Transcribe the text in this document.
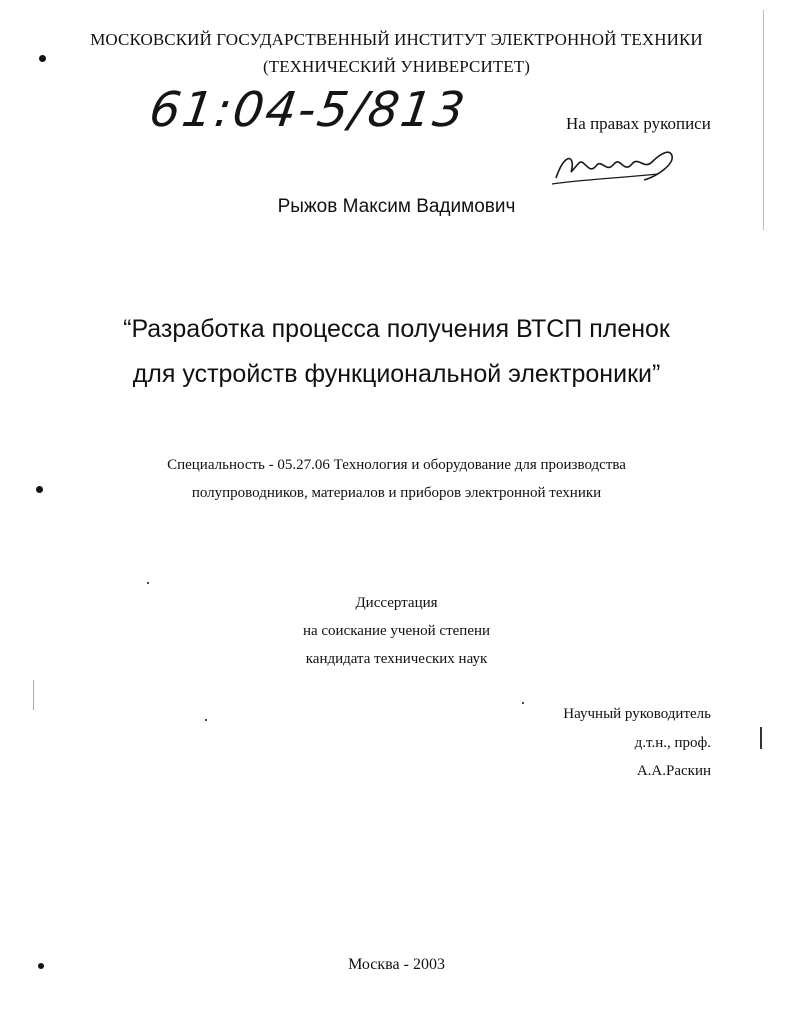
МОСКОВСКИЙ ГОСУДАРСТВЕННЫЙ ИНСТИТУТ ЭЛЕКТРОННОЙ ТЕХНИКИ
(ТЕХНИЧЕСКИЙ УНИВЕРСИТЕТ)
61:04-5/813	На правах рукописи
Рыжов Максим Вадимович
“Разработка процесса получения ВТСП пленок
для устройств функциональной электроники”
Специальность - 05.27.06 Технология и оборудование для производства
полупроводников, материалов и приборов электронной техники
Диссертация
на соискание ученой степени
кандидата технических наук
Научный руководитель
д.т.н., проф.
А.А.Раскин
Москва - 2003
